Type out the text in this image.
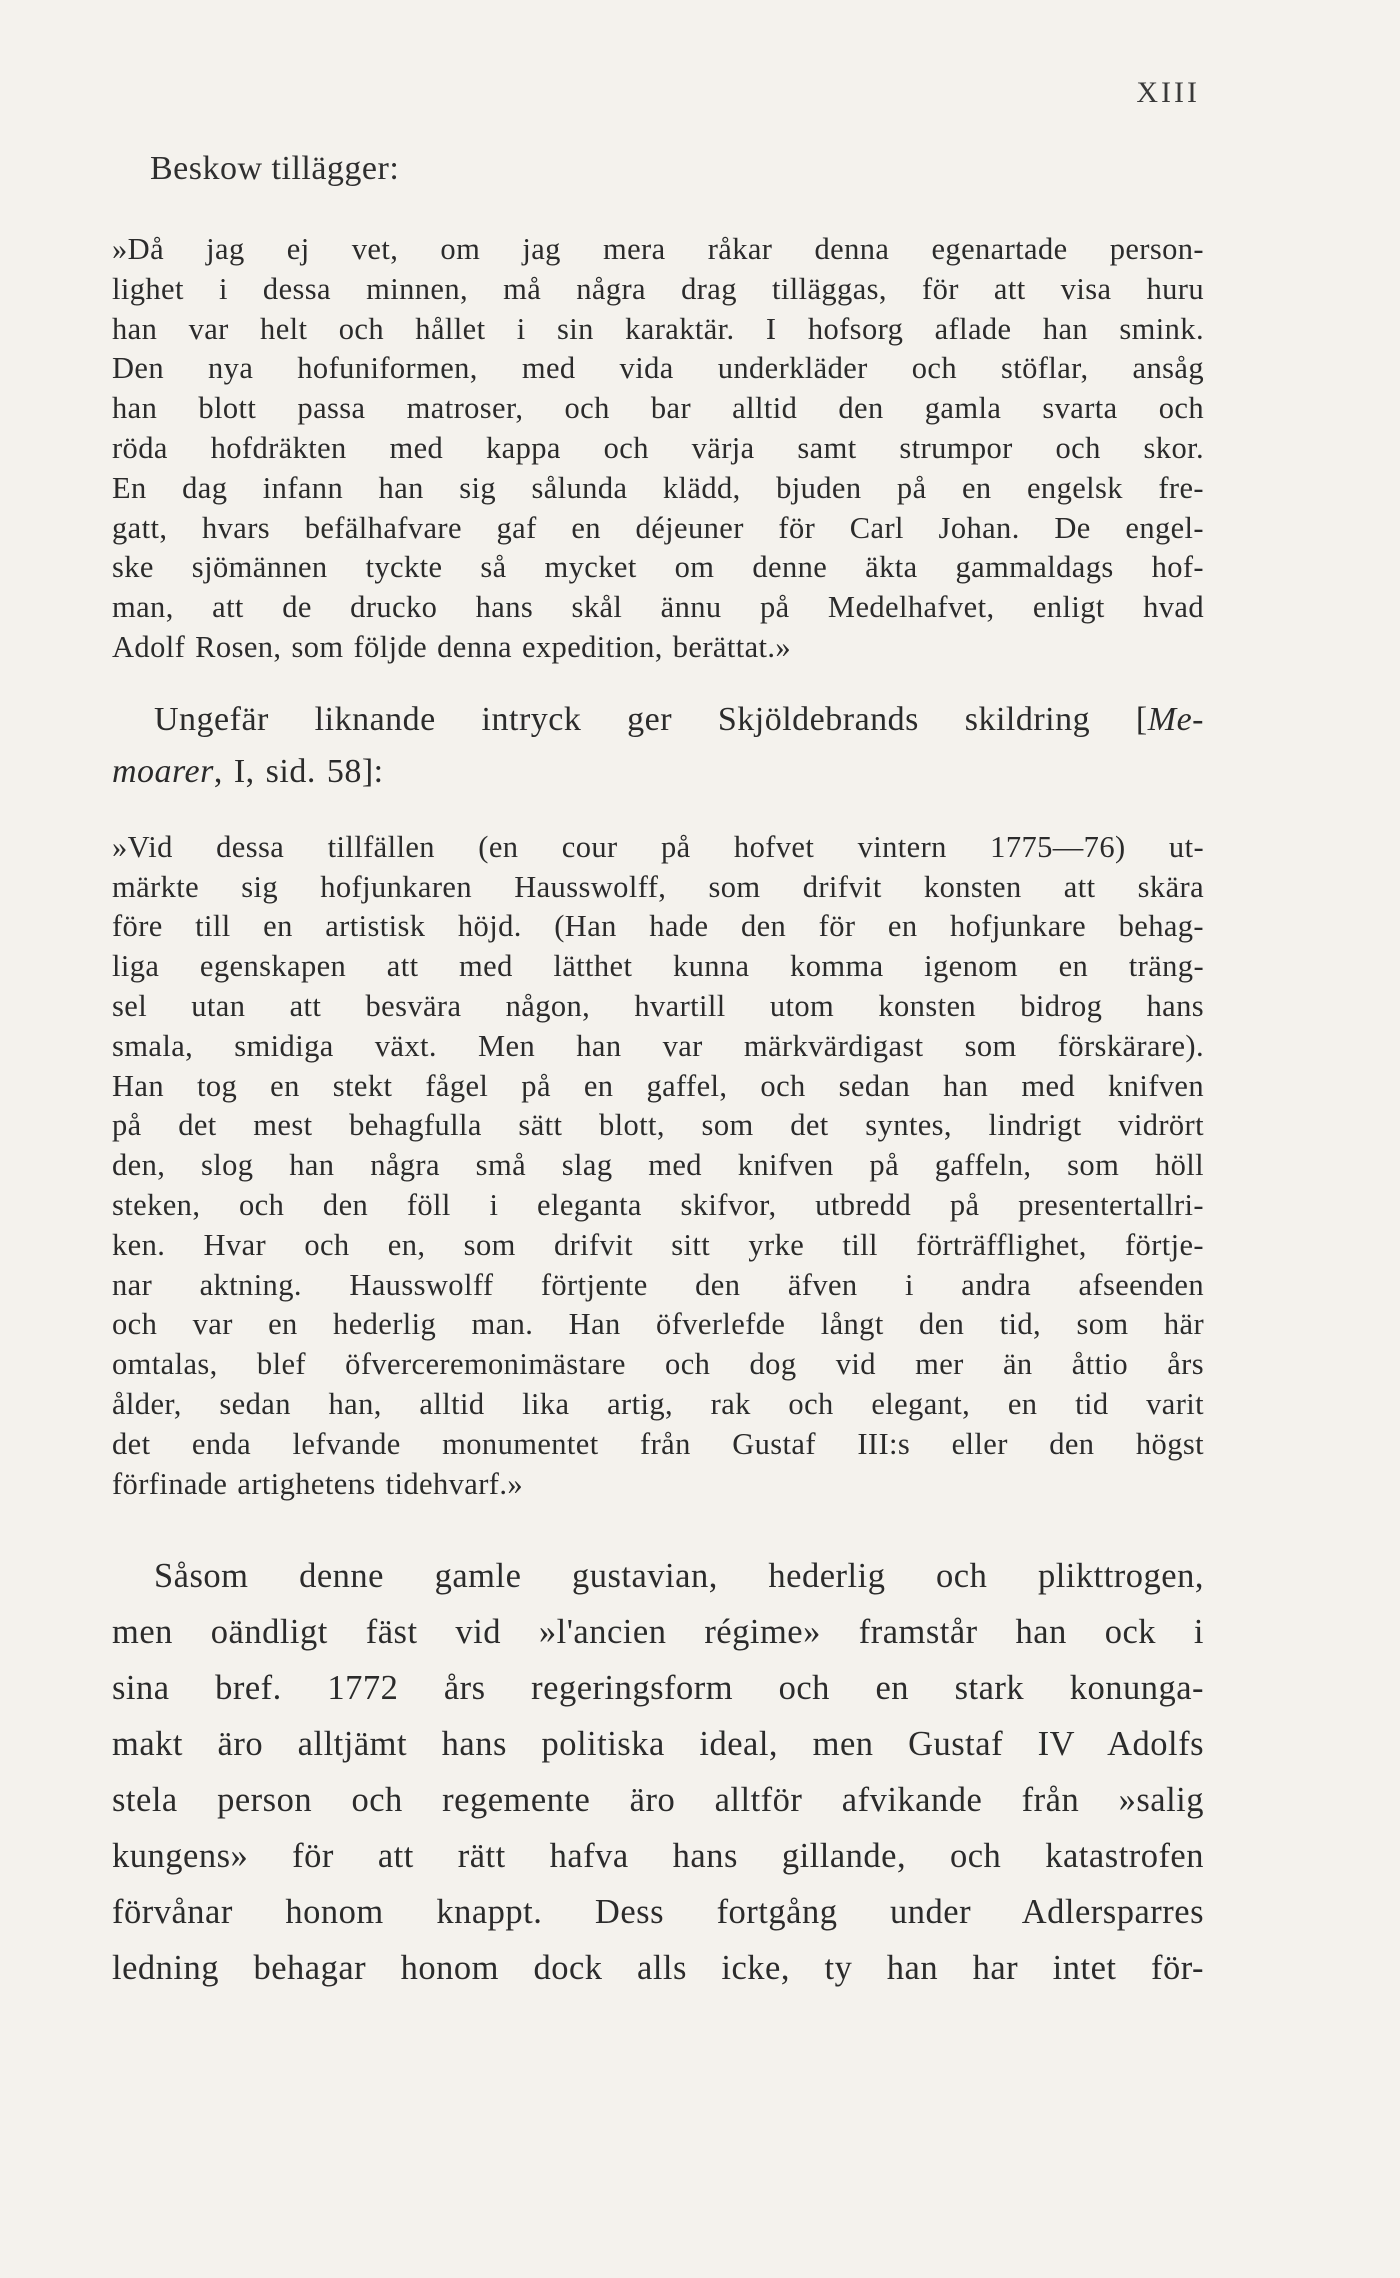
XIII
Beskow tillägger:
»Då jag ej vet, om jag mera råkar denna egenartade person-
lighet i dessa minnen, må några drag tilläggas, för att visa huru
han var helt och hållet i sin karaktär. I hofsorg aflade han smink.
Den nya hofuniformen, med vida underkläder och stöflar, ansåg
han blott passa matroser, och bar alltid den gamla svarta och
röda hofdräkten med kappa och värja samt strumpor och skor.
En dag infann han sig sålunda klädd, bjuden på en engelsk fre-
gatt, hvars befälhafvare gaf en déjeuner för Carl Johan. De engel-
ske sjömännen tyckte så mycket om denne äkta gammaldags hof-
man, att de drucko hans skål ännu på Medelhafvet, enligt hvad
Adolf Rosen, som följde denna expedition, berättat.»
Ungefär liknande intryck ger Skjöldebrands skildring [Me-
moarer, I, sid. 58]:
»Vid dessa tillfällen (en cour på hofvet vintern 1775—76) ut-
märkte sig hofjunkaren Hausswolff, som drifvit konsten att skära
före till en artistisk höjd. (Han hade den för en hofjunkare behag-
liga egenskapen att med lätthet kunna komma igenom en träng-
sel utan att besvära någon, hvartill utom konsten bidrog hans
smala, smidiga växt. Men han var märkvärdigast som förskärare).
Han tog en stekt fågel på en gaffel, och sedan han med knifven
på det mest behagfulla sätt blott, som det syntes, lindrigt vidrört
den, slog han några små slag med knifven på gaffeln, som höll
steken, och den föll i eleganta skifvor, utbredd på presentertallri-
ken. Hvar och en, som drifvit sitt yrke till förträfflighet, förtje-
nar aktning. Hausswolff förtjente den äfven i andra afseenden
och var en hederlig man. Han öfverlefde långt den tid, som här
omtalas, blef öfverceremonimästare och dog vid mer än åttio års
ålder, sedan han, alltid lika artig, rak och elegant, en tid varit
det enda lefvande monumentet från Gustaf III:s eller den högst
förfinade artighetens tidehvarf.»
Såsom denne gamle gustavian, hederlig och plikttrogen,
men oändligt fäst vid »l'ancien régime» framstår han ock i
sina bref. 1772 års regeringsform och en stark konunga-
makt äro alltjämt hans politiska ideal, men Gustaf IV Adolfs
stela person och regemente äro alltför afvikande från »salig
kungens» för att rätt hafva hans gillande, och katastrofen
förvånar honom knappt. Dess fortgång under Adlersparres
ledning behagar honom dock alls icke, ty han har intet för-
